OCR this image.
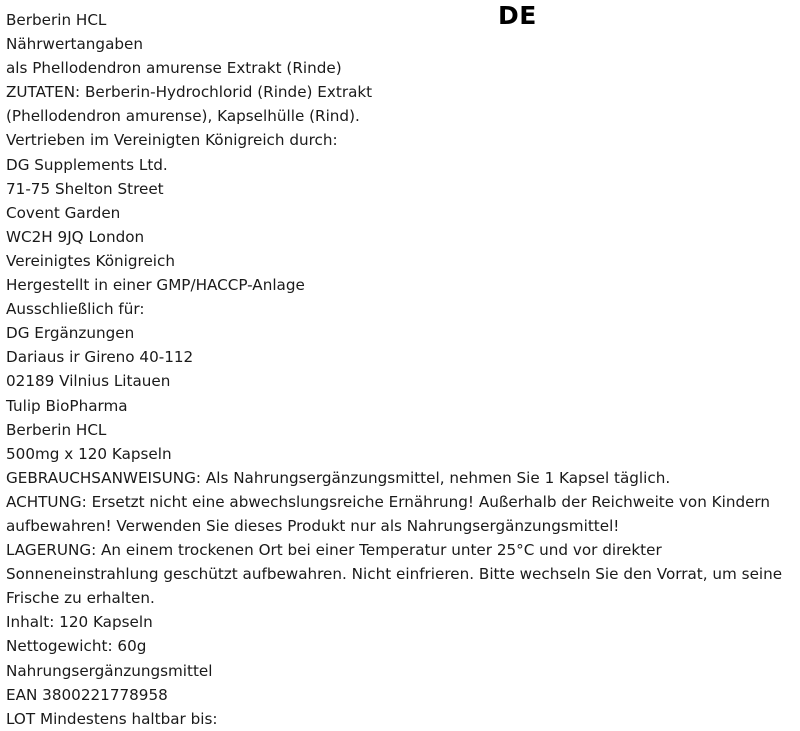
DE
Berberin HCL
Nährwertangaben
als Phellodendron amurense Extrakt (Rinde)
ZUTATEN: Berberin-Hydrochlorid (Rinde) Extrakt
(Phellodendron amurense), Kapselhülle (Rind).
Vertrieben im Vereinigten Königreich durch:
DG Supplements Ltd.
71-75 Shelton Street
Covent Garden
WC2H 9JQ London
Vereinigtes Königreich
Hergestellt in einer GMP/HACCP-Anlage
Ausschließlich für:
DG Ergänzungen
Dariaus ir Gireno 40-112
02189 Vilnius Litauen
Tulip BioPharma
Berberin HCL
500mg x 120 Kapseln
GEBRAUCHSANWEISUNG: Als Nahrungsergänzungsmittel, nehmen Sie 1 Kapsel täglich.
ACHTUNG: Ersetzt nicht eine abwechslungsreiche Ernährung! Außerhalb der Reichweite von Kindern aufbewahren! Verwenden Sie dieses Produkt nur als Nahrungsergänzungsmittel!
LAGERUNG: An einem trockenen Ort bei einer Temperatur unter 25°C und vor direkter Sonneneinstrahlung geschützt aufbewahren. Nicht einfrieren. Bitte wechseln Sie den Vorrat, um seine Frische zu erhalten.
Inhalt: 120 Kapseln
Nettogewicht: 60g
Nahrungsergänzungsmittel
EAN 3800221778958
LOT Mindestens haltbar bis:
